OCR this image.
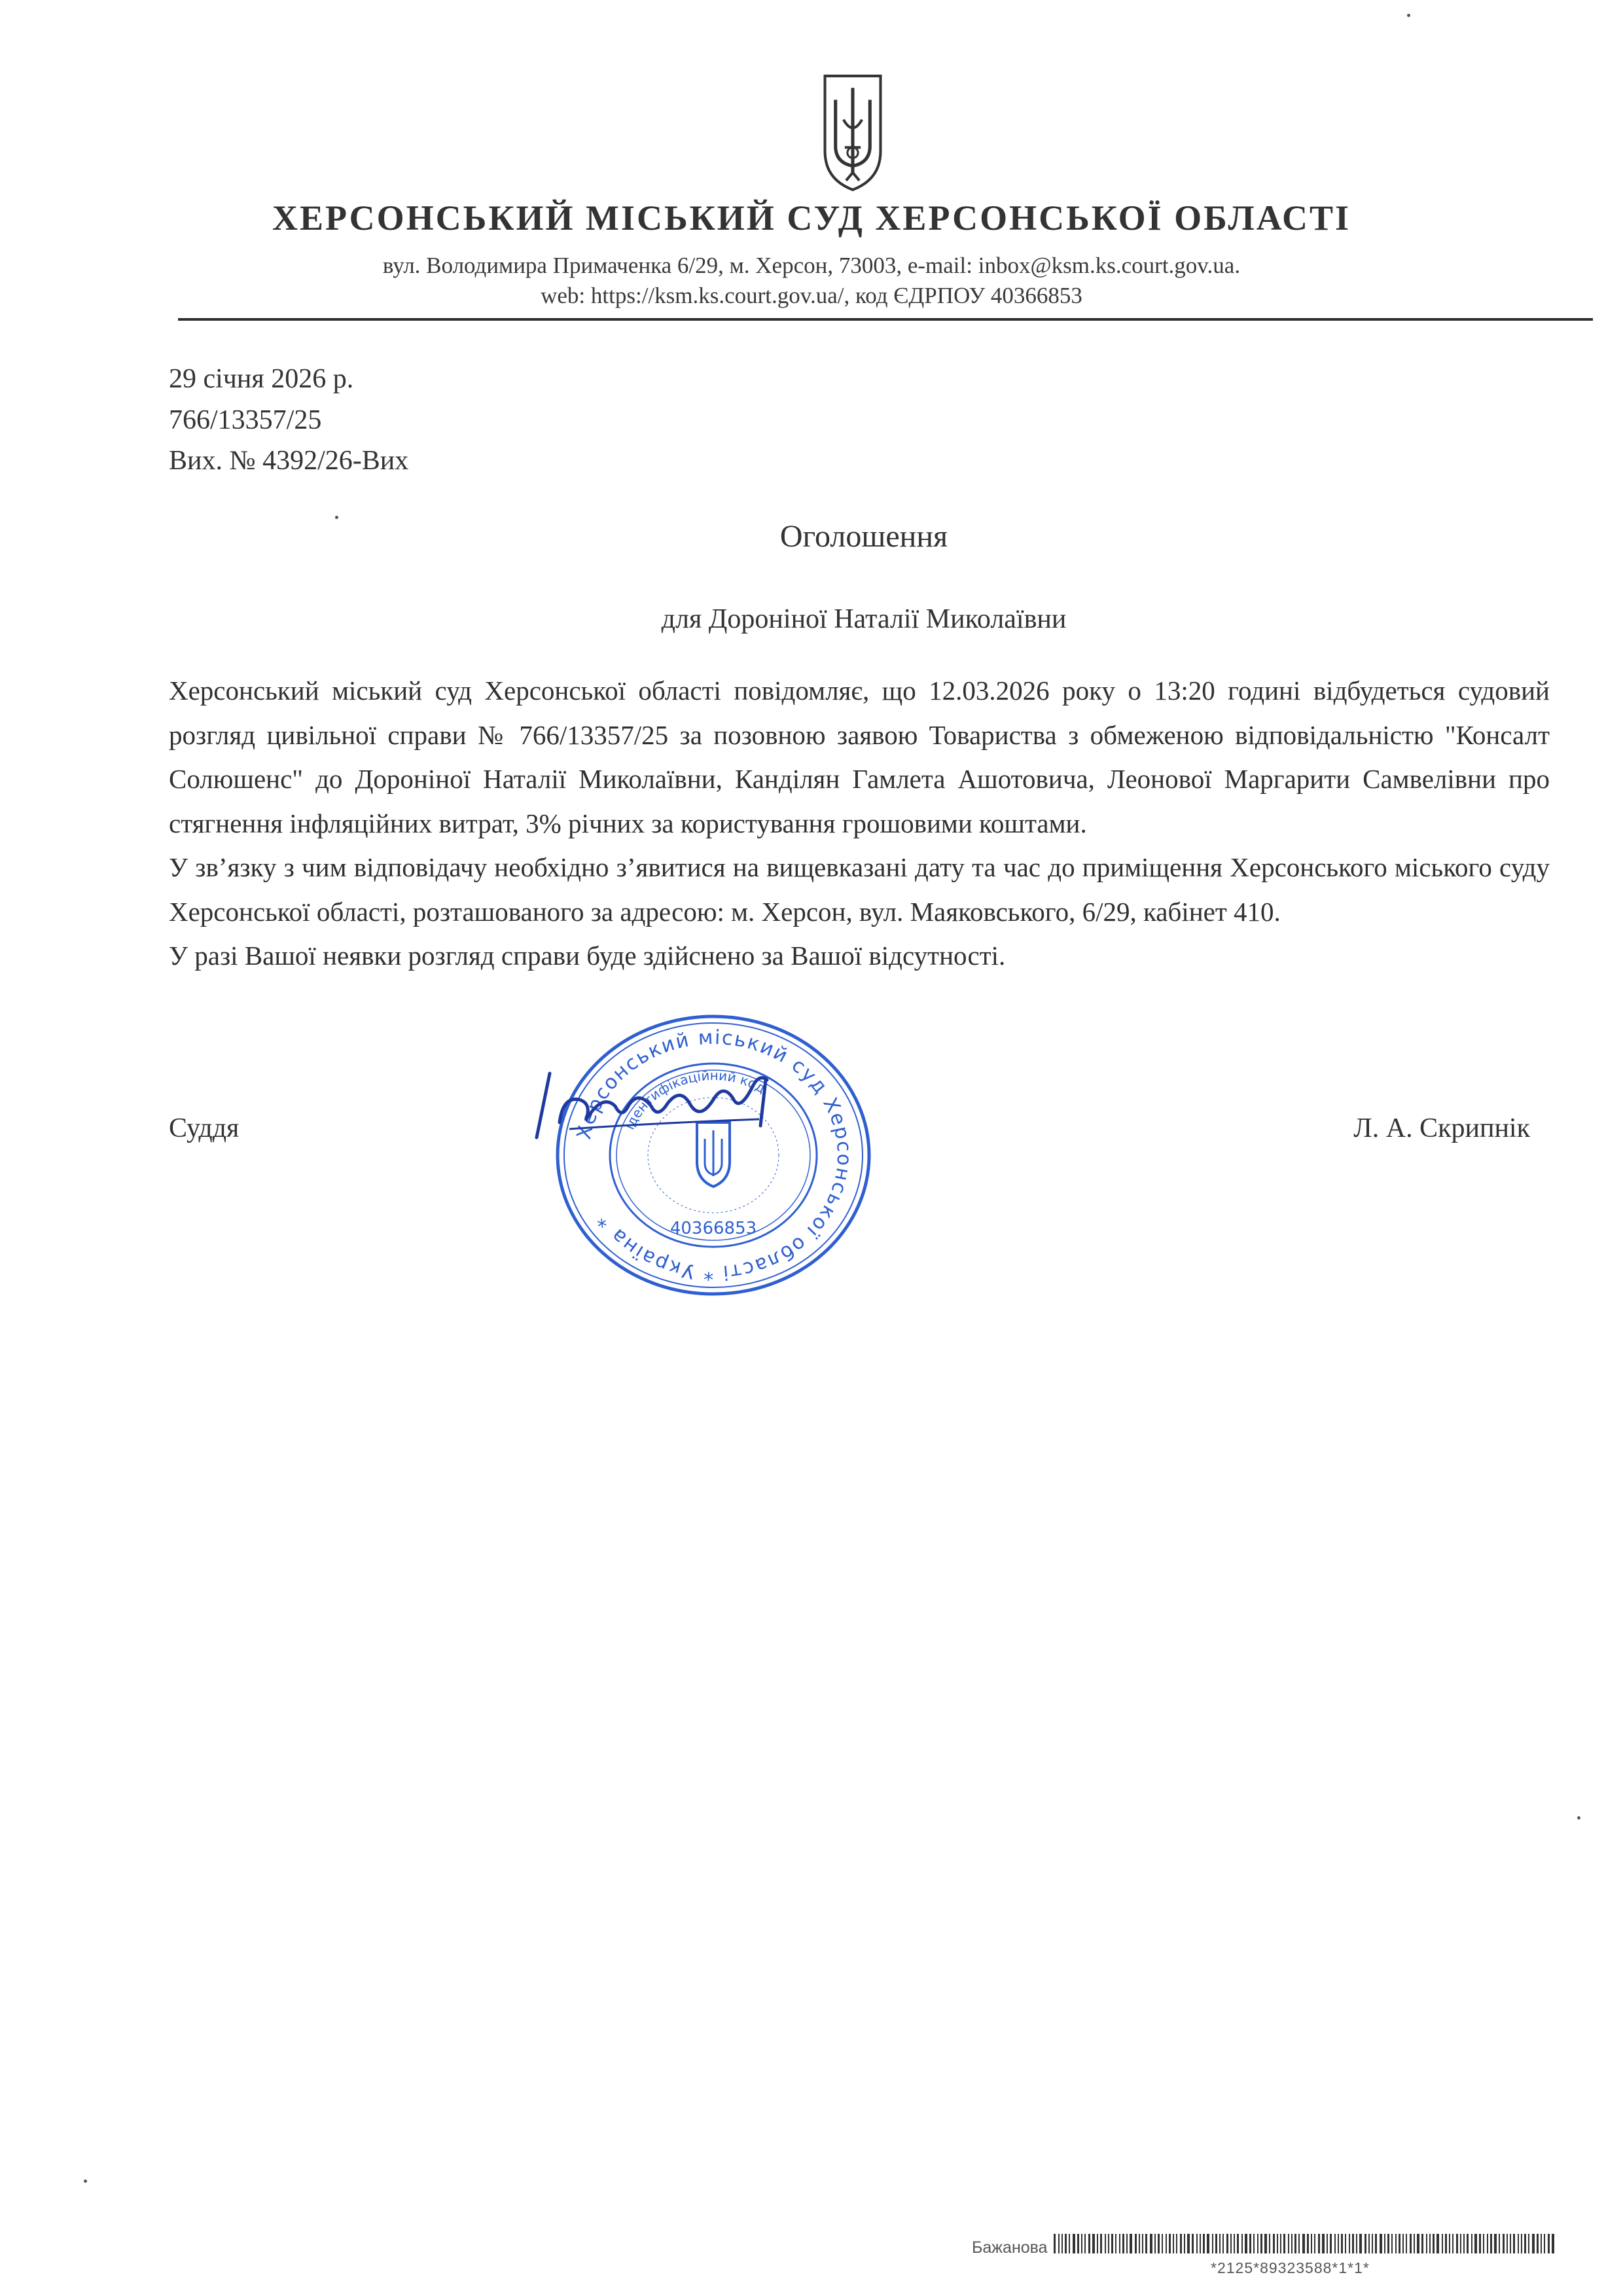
ХЕРСОНСЬКИЙ МІСЬКИЙ СУД ХЕРСОНСЬКОЇ ОБЛАСТІ
вул. Володимира Примаченка 6/29, м. Херсон, 73003, e-mail: inbox@ksm.ks.court.gov.ua.
web: https://ksm.ks.court.gov.ua/, код ЄДРПОУ 40366853
29 січня 2026 р.
766/13357/25
Вих. № 4392/26-Вих
Оголошення
для Дороніної Наталії Миколаївни

Херсонський міський суд Херсонської області повідомляє, що 12.03.2026 року о 13:20 годині відбудеться судовий розгляд цивільної справи № 766/13357/25 за позовною заявою Товариства з обмеженою відповідальністю "Консалт Солюшенс" до Дороніної Наталії Миколаївни, Канділян Гамлета Ашотовича, Леонової Маргарити Самвелівни про стягнення інфляційних витрат, 3% річних за користування грошовими коштами.

У зв’язку з чим відповідачу необхідно з’явитися на вищевказані дату та час до приміщення Херсонського міського суду Херсонської області, розташованого за адресою: м. Херсон, вул. Маяковського, 6/29, кабінет 410.

У разі Вашої неявки розгляд справи буде здійснено за Вашої відсутності.

Суддя	Л. А. Скрипнік
Херсонський міський суд Херсонської області * Україна *
ідентифікаційний код
40366853
Бажанова
*2125*89323588*1*1*
